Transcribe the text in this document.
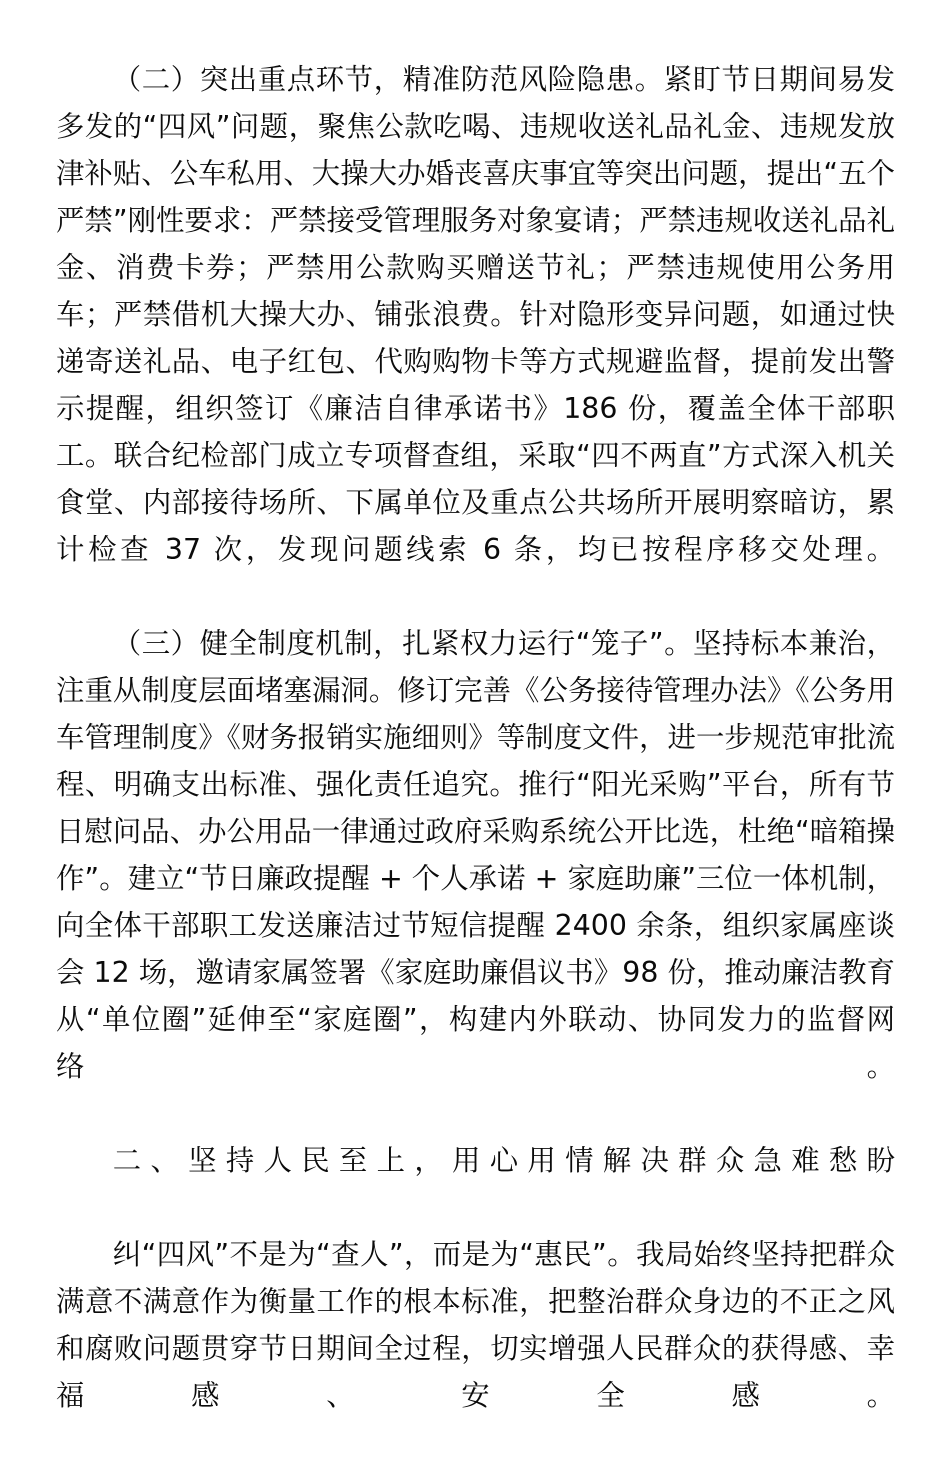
（二）突出重点环节，精准防范风险隐患。紧盯节日期间易发多发的“四风”问题，聚焦公款吃喝、违规收送礼品礼金、违规发放津补贴、公车私用、大操大办婚丧喜庆事宜等突出问题，提出“五个严禁”刚性要求：严禁接受管理服务对象宴请；严禁违规收送礼品礼金、消费卡券；严禁用公款购买赠送节礼；严禁违规使用公务用车；严禁借机大操大办、铺张浪费。针对隐形变异问题，如通过快递寄送礼品、电子红包、代购购物卡等方式规避监督，提前发出警示提醒，组织签订《廉洁自律承诺书》186 份，覆盖全体干部职工。联合纪检部门成立专项督查组，采取“四不两直”方式深入机关食堂、内部接待场所、下属单位及重点公共场所开展明察暗访，累计检查 37 次，发现问题线索 6 条，均已按程序移交处理。

（三）健全制度机制，扎紧权力运行“笼子”。坚持标本兼治，注重从制度层面堵塞漏洞。修订完善《公务接待管理办法》《公务用车管理制度》《财务报销实施细则》等制度文件，进一步规范审批流程、明确支出标准、强化责任追究。推行“阳光采购”平台，所有节日慰问品、办公用品一律通过政府采购系统公开比选，杜绝“暗箱操作”。建立“节日廉政提醒 + 个人承诺 + 家庭助廉”三位一体机制，向全体干部职工发送廉洁过节短信提醒 2400 余条，组织家属座谈会 12 场，邀请家属签署《家庭助廉倡议书》98 份，推动廉洁教育从“单位圈”延伸至“家庭圈”，构建内外联动、协同发力的监督网络。

二、坚持人民至上，用心用情解决群众急难愁盼

纠“四风”不是为“查人”，而是为“惠民”。我局始终坚持把群众满意不满意作为衡量工作的根本标准，把整治群众身边的不正之风和腐败问题贯穿节日期间全过程，切实增强人民群众的获得感、幸福感、安全感。
